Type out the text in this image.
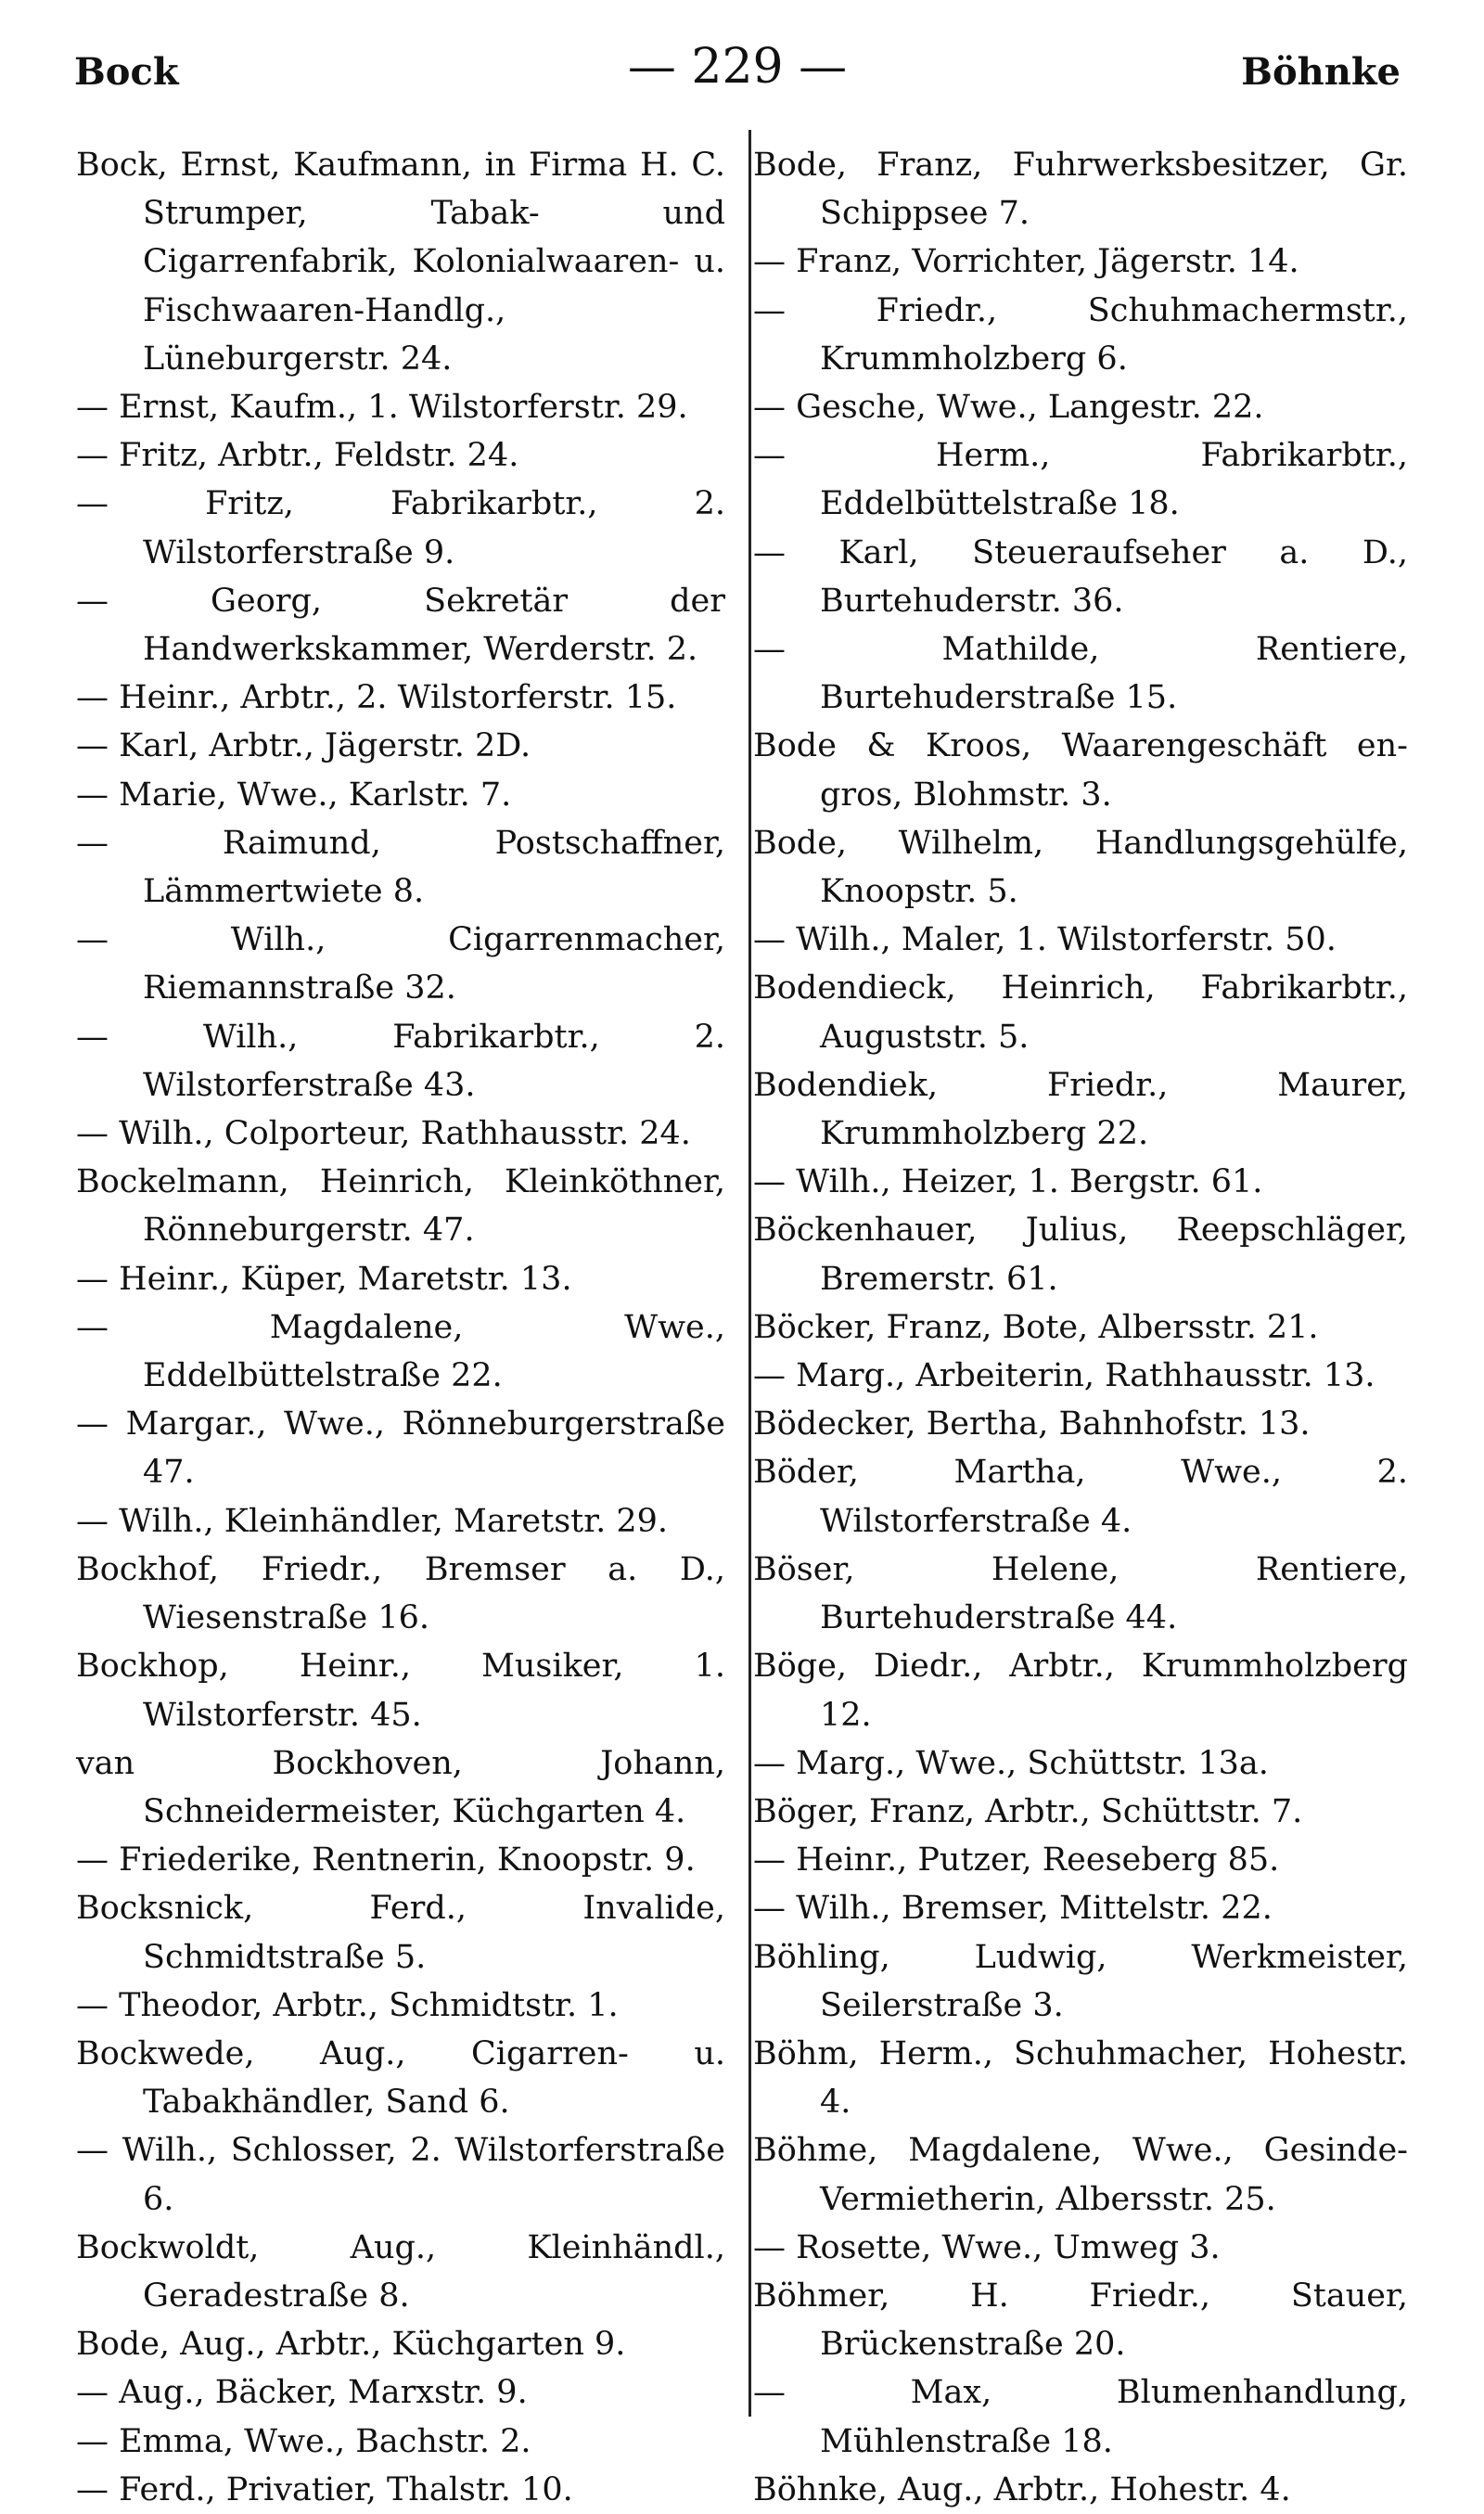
Bock	— 229 —	Böhnke

Bock, Ernst, Kaufmann, in Firma H. C. Strumper, Tabak- und Cigarrenfabrik, Kolonialwaaren- u. Fischwaaren-Handlg., Lüneburgerstr. 24.

— Ernst, Kaufm., 1. Wilstorferstr. 29.

— Fritz, Arbtr., Feldstr. 24.

— Fritz, Fabrikarbtr., 2. Wilstorferstraße 9.

— Georg, Sekretär der Handwerkskammer, Werderstr. 2.

— Heinr., Arbtr., 2. Wilstorferstr. 15.

— Karl, Arbtr., Jägerstr. 2D.

— Marie, Wwe., Karlstr. 7.

— Raimund, Postschaffner, Lämmertwiete 8.

— Wilh., Cigarrenmacher, Riemannstraße 32.

— Wilh., Fabrikarbtr., 2. Wilstorferstraße 43.

— Wilh., Colporteur, Rathhausstr. 24.

Bockelmann, Heinrich, Kleinköthner, Rönneburgerstr. 47.

— Heinr., Küper, Maretstr. 13.

— Magdalene, Wwe., Eddelbüttelstraße 22.

— Margar., Wwe., Rönneburgerstraße 47.

— Wilh., Kleinhändler, Maretstr. 29.

Bockhof, Friedr., Bremser a. D., Wiesenstraße 16.

Bockhop, Heinr., Musiker, 1. Wilstorferstr. 45.

van Bockhoven, Johann, Schneidermeister, Küchgarten 4.

— Friederike, Rentnerin, Knoopstr. 9.

Bocksnick, Ferd., Invalide, Schmidtstraße 5.

— Theodor, Arbtr., Schmidtstr. 1.

Bockwede, Aug., Cigarren- u. Tabakhändler, Sand 6.

— Wilh., Schlosser, 2. Wilstorferstraße 6.

Bockwoldt, Aug., Kleinhändl., Geradestraße 8.

Bode, Aug., Arbtr., Küchgarten 9.

— Aug., Bäcker, Marxstr. 9.

— Emma, Wwe., Bachstr. 2.

— Ferd., Privatier, Thalstr. 10.

Bode, Franz, Fuhrwerksbesitzer, Gr. Schippsee 7.

— Franz, Vorrichter, Jägerstr. 14.

— Friedr., Schuhmachermstr., Krummholzberg 6.

— Gesche, Wwe., Langestr. 22.

— Herm., Fabrikarbtr., Eddelbüttelstraße 18.

— Karl, Steueraufseher a. D., Burtehuderstr. 36.

— Mathilde, Rentiere, Burtehuderstraße 15.

Bode & Kroos, Waarengeschäft en-gros, Blohmstr. 3.

Bode, Wilhelm, Handlungsgehülfe, Knoopstr. 5.

— Wilh., Maler, 1. Wilstorferstr. 50.

Bodendieck, Heinrich, Fabrikarbtr., Auguststr. 5.

Bodendiek, Friedr., Maurer, Krummholzberg 22.

— Wilh., Heizer, 1. Bergstr. 61.

Böckenhauer, Julius, Reepschläger, Bremerstr. 61.

Böcker, Franz, Bote, Albersstr. 21.

— Marg., Arbeiterin, Rathhausstr. 13.

Bödecker, Bertha, Bahnhofstr. 13.

Böder, Martha, Wwe., 2. Wilstorferstraße 4.

Böser, Helene, Rentiere, Burtehuderstraße 44.

Böge, Diedr., Arbtr., Krummholzberg 12.

— Marg., Wwe., Schüttstr. 13a.

Böger, Franz, Arbtr., Schüttstr. 7.

— Heinr., Putzer, Reeseberg 85.

— Wilh., Bremser, Mittelstr. 22.

Böhling, Ludwig, Werkmeister, Seilerstraße 3.

Böhm, Herm., Schuhmacher, Hohestr. 4.

Böhme, Magdalene, Wwe., Gesinde-Vermietherin, Albersstr. 25.

— Rosette, Wwe., Umweg 3.

Böhmer, H. Friedr., Stauer, Brückenstraße 20.

— Max, Blumenhandlung, Mühlenstraße 18.

Böhnke, Aug., Arbtr., Hohestr. 4.
